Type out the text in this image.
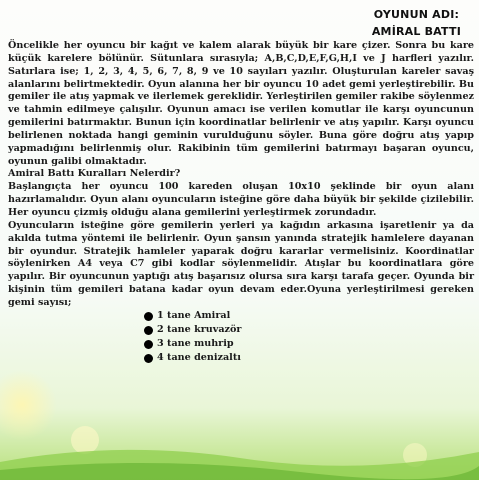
OYUNUN ADI:
AMİRAL BATTI

Öncelikle her oyuncu bir kağıt ve kalem alarak büyük bir kare çizer. Sonra bu kare küçük karelere bölünür. Sütunlara sırasıyla; A,B,C,D,E,F,G,H,I ve J harfleri yazılır. Satırlara ise; 1, 2, 3, 4, 5, 6, 7, 8, 9 ve 10 sayıları yazılır. Oluşturulan kareler savaş alanlarını belirtmektedir. Oyun alanına her bir oyuncu 10 adet gemi yerleştirebilir. Bu gemiler ile atış yapmak ve ilerlemek gereklidir. Yerleştirilen gemiler rakibe söylenmez ve tahmin edilmeye çalışılır. Oyunun amacı ise verilen komutlar ile karşı oyuncunun gemilerini batırmaktır. Bunun için koordinatlar belirlenir ve atış yapılır. Karşı oyuncu belirlenen noktada hangi geminin vurulduğunu söyler. Buna göre doğru atış yapıp yapmadığını belirlenmiş olur. Rakibinin tüm gemilerini batırmayı başaran oyuncu, oyunun galibi olmaktadır.

Amiral Battı Kuralları Nelerdir?

Başlangıçta her oyuncu 100 kareden oluşan 10x10 şeklinde bir oyun alanı hazırlamalıdır. Oyun alanı oyuncuların isteğine göre daha büyük bir şekilde çizilebilir. Her oyuncu çizmiş olduğu alana gemilerini yerleştirmek zorundadır.

Oyuncuların isteğine göre gemilerin yerleri ya kağıdın arkasına işaretlenir ya da akılda tutma yöntemi ile belirlenir. Oyun şansın yanında stratejik hamlelere dayanan bir oyundur. Stratejik hamleler yaparak doğru kararlar vermelisiniz. Koordinatlar söylenirken A4 veya C7 gibi kodlar söylenmelidir. Atışlar bu koordinatlara göre yapılır. Bir oyuncunun yaptığı atış başarısız olursa sıra karşı tarafa geçer. Oyunda bir kişinin tüm gemileri batana kadar oyun devam eder.Oyuna yerleştirilmesi gereken gemi sayısı;

1 tane Amiral
2 tane kruvazör
3 tane muhrip
4 tane denizaltı
